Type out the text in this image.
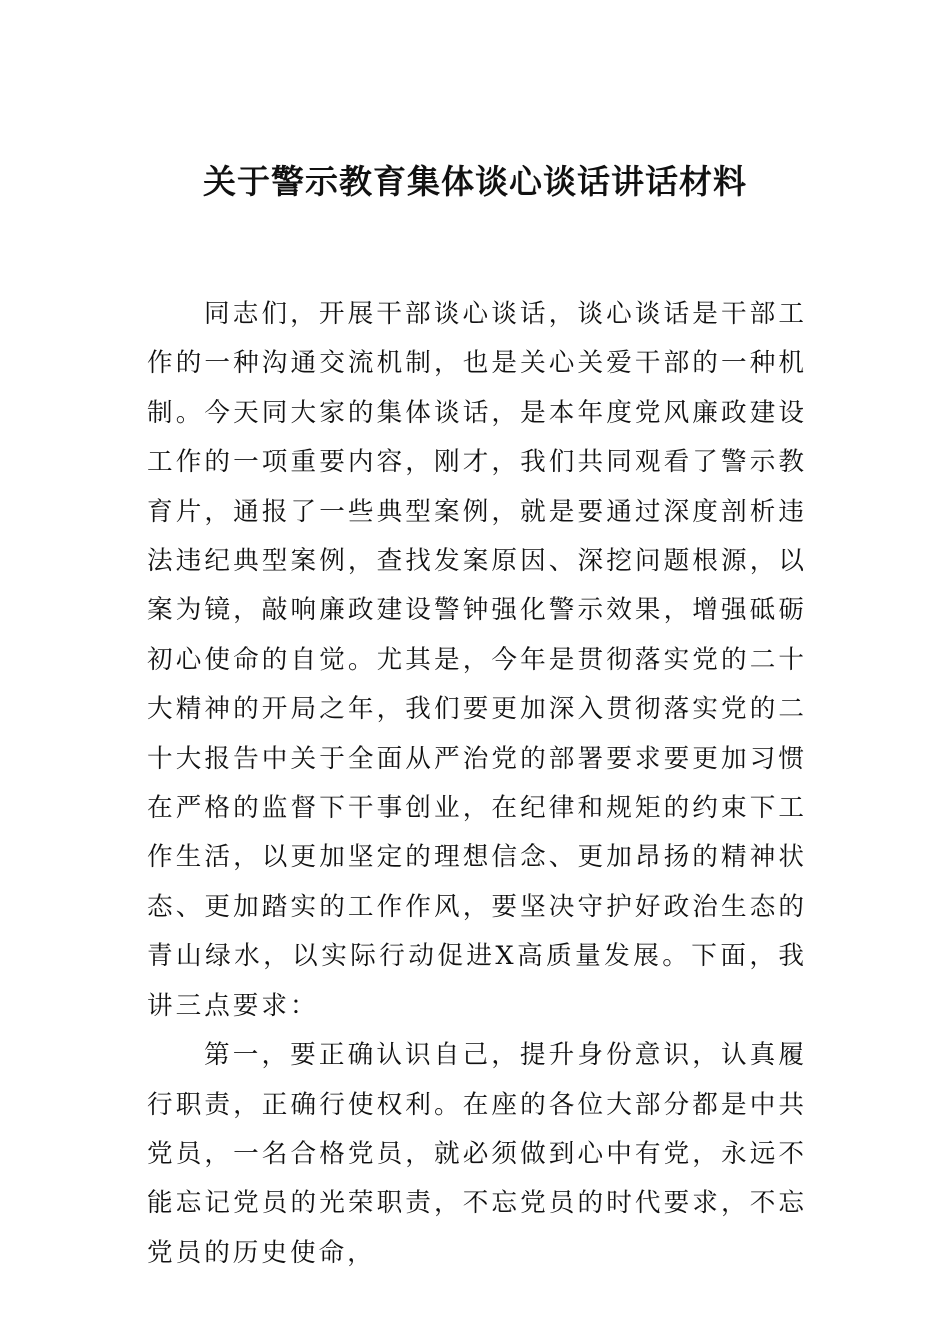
关于警示教育集体谈心谈话讲话材料

同志们，开展干部谈心谈话，谈心谈话是干部工作的一种沟通交流机制，也是关心关爱干部的一种机制。今天同大家的集体谈话，是本年度党风廉政建设工作的一项重要内容，刚才，我们共同观看了警示教育片，通报了一些典型案例，就是要通过深度剖析违法违纪典型案例，查找发案原因、深挖问题根源，以案为镜，敲响廉政建设警钟强化警示效果，增强砥砺初心使命的自觉。尤其是，今年是贯彻落实党的二十大精神的开局之年，我们要更加深入贯彻落实党的二十大报告中关于全面从严治党的部署要求要更加习惯在严格的监督下干事创业，在纪律和规矩的约束下工作生活，以更加坚定的理想信念、更加昂扬的精神状态、更加踏实的工作作风，要坚决守护好政治生态的青山绿水，以实际行动促进X高质量发展。下面，我讲三点要求：

第一，要正确认识自己，提升身份意识，认真履行职责，正确行使权利。在座的各位大部分都是中共党员，一名合格党员，就必须做到心中有党，永远不能忘记党员的光荣职责，不忘党员的时代要求，不忘党员的历史使命，
